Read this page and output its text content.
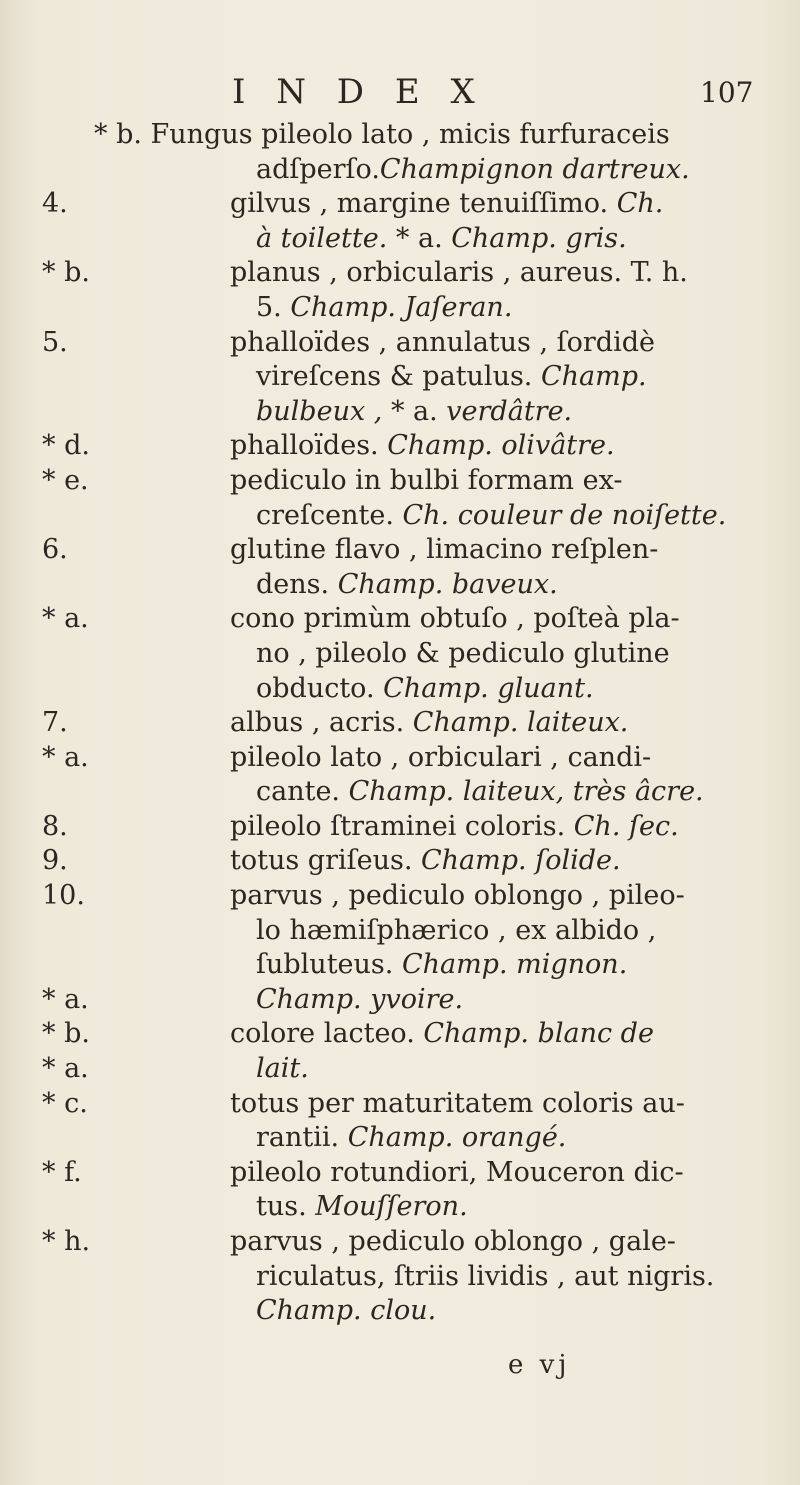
I N D E X	107
* b. Fungus pileolo lato , micis furfuraceis
adſperſo.Champignon dartreux.
4.	gilvus , margine tenuiſſimo. Ch.
à toilette. * a. Champ. gris.
* b.	planus , orbicularis , aureus. T. h.
5. Champ. Jaſeran.
5.	phalloïdes , annulatus , ſordidè
vireſcens & patulus. Champ.
bulbeux , * a. verdâtre.
* d.	phalloïdes. Champ. olivâtre.
* e.	pediculo in bulbi formam ex-
creſcente. Ch. couleur de noiſette.
6.	glutine flavo , limacino reſplen-
dens. Champ. baveux.
* a.	cono primùm obtuſo , poſteà pla-
no , pileolo & pediculo glutine
obducto. Champ. gluant.
7.	albus , acris. Champ. laiteux.
* a.	pileolo lato , orbiculari , candi-
cante. Champ. laiteux, très âcre.
8.	pileolo ſtraminei coloris. Ch. ſec.
9.	totus griſeus. Champ. ſolide.
10.	parvus , pediculo oblongo , pileo-
lo hæmiſphærico , ex albido ,
ſubluteus. Champ. mignon.
* a.	Champ. yvoire.
* b.	colore lacteo. Champ. blanc de
* a.	lait.
* c.	totus per maturitatem coloris au-
rantii. Champ. orangé.
* f.	pileolo rotundiori, Mouceron dic-
tus. Mouſſeron.
* h.	parvus , pediculo oblongo , gale-
riculatus, ſtriis lividis , aut nigris.
Champ. clou.
e vj
